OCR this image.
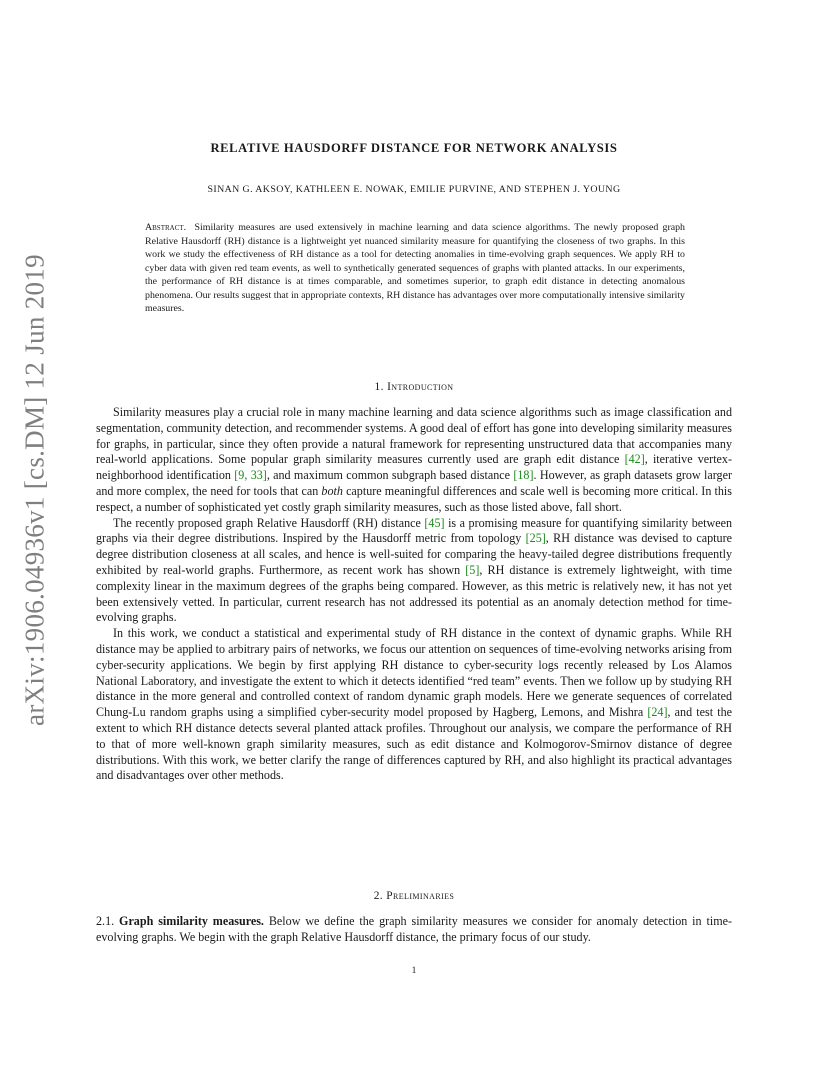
arXiv:1906.04936v1 [cs.DM] 12 Jun 2019
RELATIVE HAUSDORFF DISTANCE FOR NETWORK ANALYSIS
SINAN G. AKSOY, KATHLEEN E. NOWAK, EMILIE PURVINE, AND STEPHEN J. YOUNG

Abstract. Similarity measures are used extensively in machine learning and data science algorithms. The newly proposed graph Relative Hausdorff (RH) distance is a lightweight yet nuanced similarity measure for quantifying the closeness of two graphs. In this work we study the effectiveness of RH distance as a tool for detecting anomalies in time-evolving graph sequences. We apply RH to cyber data with given red team events, as well to synthetically generated sequences of graphs with planted attacks. In our experiments, the performance of RH distance is at times comparable, and sometimes superior, to graph edit distance in detecting anomalous phenomena. Our results suggest that in appropriate contexts, RH distance has advantages over more computationally intensive similarity measures.

1. Introduction

Similarity measures play a crucial role in many machine learning and data science algorithms such as image classification and segmentation, community detection, and recommender systems. A good deal of effort has gone into developing similarity measures for graphs, in particular, since they often provide a natural framework for representing unstructured data that accompanies many real-world applications. Some popular graph similarity measures currently used are graph edit distance [42], iterative vertex-neighborhood identification [9, 33], and maximum common subgraph based distance [18]. However, as graph datasets grow larger and more complex, the need for tools that can both capture meaningful differences and scale well is becoming more critical. In this respect, a number of sophisticated yet costly graph similarity measures, such as those listed above, fall short.

The recently proposed graph Relative Hausdorff (RH) distance [45] is a promising measure for quantifying similarity between graphs via their degree distributions. Inspired by the Hausdorff metric from topology [25], RH distance was devised to capture degree distribution closeness at all scales, and hence is well-suited for comparing the heavy-tailed degree distributions frequently exhibited by real-world graphs. Furthermore, as recent work has shown [5], RH distance is extremely lightweight, with time complexity linear in the maximum degrees of the graphs being compared. However, as this metric is relatively new, it has not yet been extensively vetted. In particular, current research has not addressed its potential as an anomaly detection method for time-evolving graphs.

In this work, we conduct a statistical and experimental study of RH distance in the context of dynamic graphs. While RH distance may be applied to arbitrary pairs of networks, we focus our attention on sequences of time-evolving networks arising from cyber-security applications. We begin by first applying RH distance to cyber-security logs recently released by Los Alamos National Laboratory, and investigate the extent to which it detects identified “red team” events. Then we follow up by studying RH distance in the more general and controlled context of random dynamic graph models. Here we generate sequences of correlated Chung-Lu random graphs using a simplified cyber-security model proposed by Hagberg, Lemons, and Mishra [24], and test the extent to which RH distance detects several planted attack profiles. Throughout our analysis, we compare the performance of RH to that of more well-known graph similarity measures, such as edit distance and Kolmogorov-Smirnov distance of degree distributions. With this work, we better clarify the range of differences captured by RH, and also highlight its practical advantages and disadvantages over other methods.

2. Preliminaries

2.1. Graph similarity measures. Below we define the graph similarity measures we consider for anomaly detection in time-evolving graphs. We begin with the graph Relative Hausdorff distance, the primary focus of our study.

1
